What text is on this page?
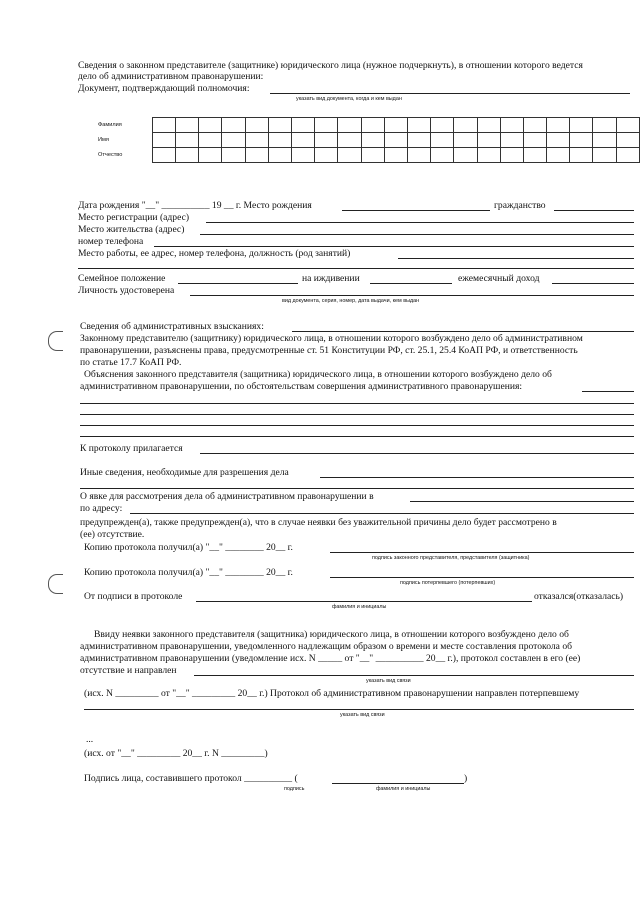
Сведения о законном представителе (защитнике) юридического лица (нужное подчеркнуть), в отношении которого ведется
дело об административном правонарушении:
Документ, подтверждающий полномочия:
указать вид документа, когда и кем выдан
Фамилия																					
Имя																					
Отчество																					
Дата рождения "__" __________ 19 __ г. Место рождения	гражданство
Место регистрации (адрес)
Место жительства (адрес)
номер телефона
Место работы, ее адрес, номер телефона, должность (род занятий)
Семейное положение	на иждивении	ежемесячный доход
Личность удостоверена
вид документа, серия, номер, дата выдачи, кем выдан
Сведения об административных взысканиях:
Законному представителю (защитнику) юридического лица, в отношении которого возбуждено дело об административном
правонарушении, разъяснены права, предусмотренные ст. 51 Конституции РФ, ст. 25.1, 25.4 КоАП РФ, и ответственность
по статье 17.7 КоАП РФ.
Объяснения законного представителя (защитника) юридического лица, в отношении которого возбуждено дело об
административном правонарушении, по обстоятельствам совершения административного правонарушения:
К протоколу прилагается
Иные сведения, необходимые для разрешения дела
О явке для рассмотрения дела об административном правонарушении в
по адресу:
предупрежден(а), также предупрежден(а), что в случае неявки без уважительной причины дело будет рассмотрено в
(ее) отсутствие.
Копию протокола получил(а) "__" ________ 20__ г.
подпись законного представителя, представителя (защитника)
Копию протокола получил(а) "__" ________ 20__ г.
подпись потерпевшего (потерпевших)
От подписи в протоколе	отказался(отказалась)
фамилия и инициалы
Ввиду неявки законного представителя (защитника) юридического лица, в отношении которого возбуждено дело об
административном правонарушении, уведомленного надлежащим образом о времени и месте составления протокола об
административном правонарушении (уведомление исх. N _____ от "__" __________ 20__ г.), протокол составлен в его (ее)
отсутствие и направлен
указать вид связи
(исх. N _________ от "__" _________ 20__ г.) Протокол об административном правонарушении направлен потерпевшему
указать вид связи
...
(исх. от "__" _________ 20__ г. N _________)
Подпись лица, составившего протокол __________ (	)
подпись	фамилия и инициалы
